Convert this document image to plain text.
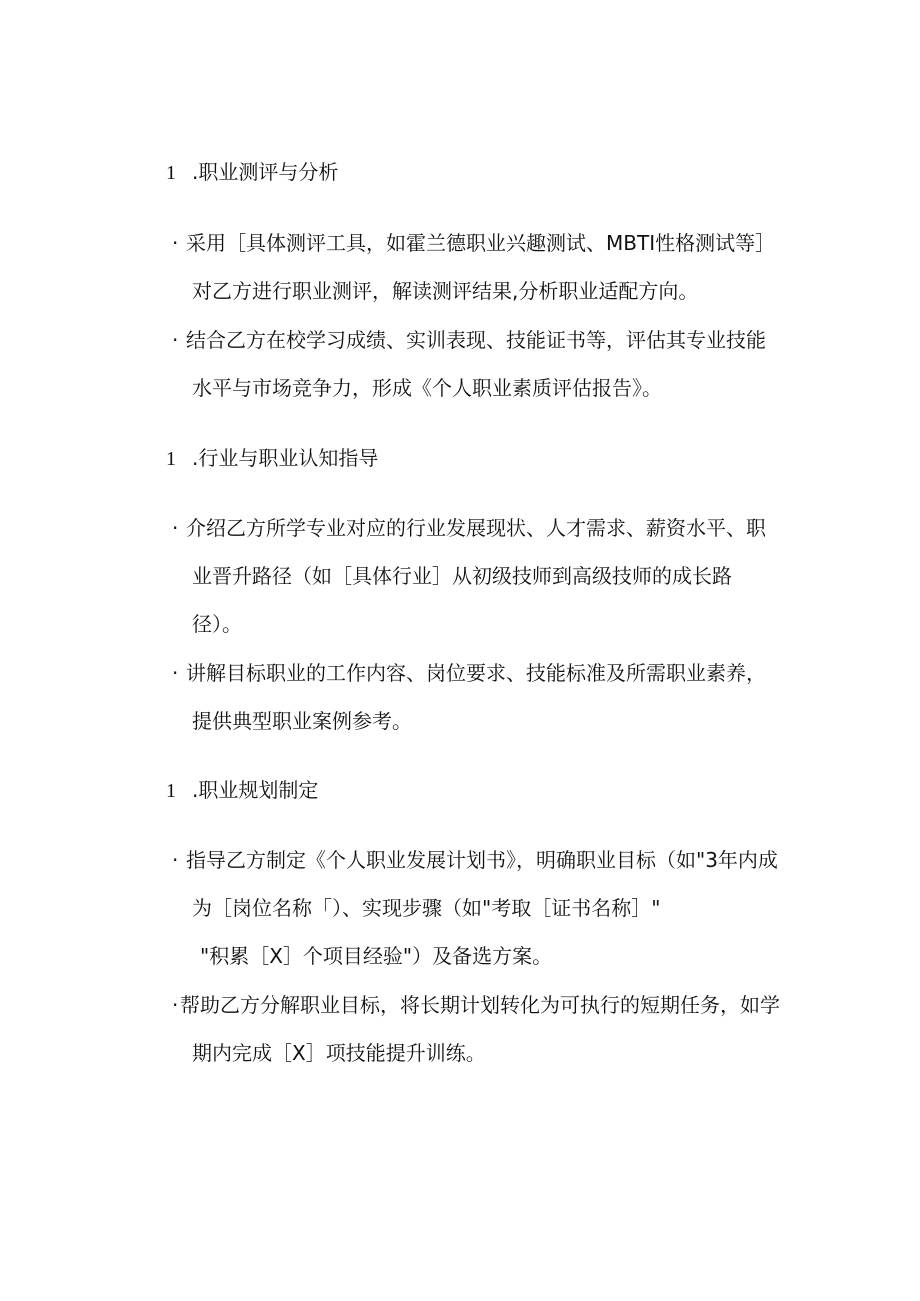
1 .职业测评与分析
· 采用［具体测评工具，如霍兰德职业兴趣测试、MBTI性格测试等］
对乙方进行职业测评，解读测评结果,分析职业适配方向。
· 结合乙方在校学习成绩、实训表现、技能证书等，评估其专业技能
水平与市场竞争力，形成《个人职业素质评估报告》。
1 .行业与职业认知指导
· 介绍乙方所学专业对应的行业发展现状、人才需求、薪资水平、职
业晋升路径（如［具体行业］从初级技师到高级技师的成长路
径）。
· 讲解目标职业的工作内容、岗位要求、技能标准及所需职业素养，
提供典型职业案例参考。
1 .职业规划制定
· 指导乙方制定《个人职业发展计划书》，明确职业目标（如"3年内成
为［岗位名称「）、实现步骤（如"考取［证书名称］"
"积累［X］个项目经验"）及备选方案。
·帮助乙方分解职业目标，将长期计划转化为可执行的短期任务，如学
期内完成［X］项技能提升训练。
